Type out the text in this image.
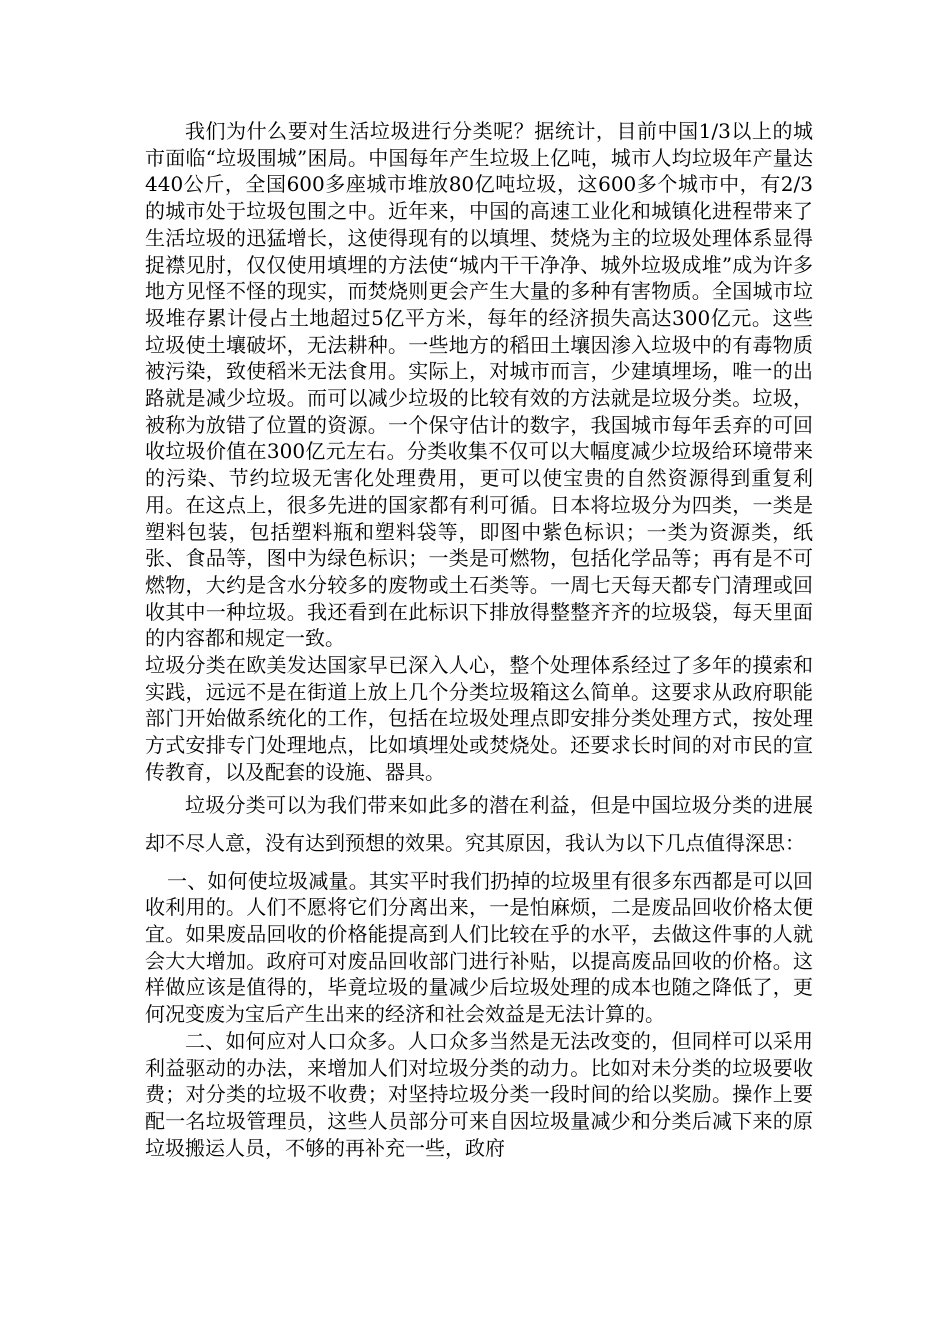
我们为什么要对生活垃圾进行分类呢？据统计，目前中国1/3以上的城市面临“垃圾围城”困局。中国每年产生垃圾上亿吨，城市人均垃圾年产量达440公斤，全国600多座城市堆放80亿吨垃圾，这600多个城市中，有2/3的城市处于垃圾包围之中。近年来，中国的高速工业化和城镇化进程带来了生活垃圾的迅猛增长，这使得现有的以填埋、焚烧为主的垃圾处理体系显得捉襟见肘，仅仅使用填埋的方法使“城内干干净净、城外垃圾成堆”成为许多地方见怪不怪的现实，而焚烧则更会产生大量的多种有害物质。全国城市垃圾堆存累计侵占土地超过5亿平方米，每年的经济损失高达300亿元。这些垃圾使土壤破坏，无法耕种。一些地方的稻田土壤因渗入垃圾中的有毒物质被污染，致使稻米无法食用。实际上，对城市而言，少建填埋场，唯一的出路就是减少垃圾。而可以减少垃圾的比较有效的方法就是垃圾分类。垃圾，被称为放错了位置的资源。一个保守估计的数字，我国城市每年丢弃的可回收垃圾价值在300亿元左右。分类收集不仅可以大幅度减少垃圾给环境带来的污染、节约垃圾无害化处理费用，更可以使宝贵的自然资源得到重复利用。在这点上，很多先进的国家都有利可循。日本将垃圾分为四类，一类是塑料包装，包括塑料瓶和塑料袋等，即图中紫色标识；一类为资源类，纸张、食品等，图中为绿色标识；一类是可燃物，包括化学品等；再有是不可燃物，大约是含水分较多的废物或土石类等。一周七天每天都专门清理或回收其中一种垃圾。我还看到在此标识下排放得整整齐齐的垃圾袋，每天里面的内容都和规定一致。

垃圾分类在欧美发达国家早已深入人心，整个处理体系经过了多年的摸索和实践，远远不是在街道上放上几个分类垃圾箱这么简单。这要求从政府职能部门开始做系统化的工作，包括在垃圾处理点即安排分类处理方式，按处理方式安排专门处理地点，比如填埋处或焚烧处。还要求长时间的对市民的宣传教育，以及配套的设施、器具。

垃圾分类可以为我们带来如此多的潜在利益，但是中国垃圾分类的进展却不尽人意，没有达到预想的效果。究其原因，我认为以下几点值得深思：

一、如何使垃圾减量。其实平时我们扔掉的垃圾里有很多东西都是可以回收利用的。人们不愿将它们分离出来，一是怕麻烦，二是废品回收价格太便宜。如果废品回收的价格能提高到人们比较在乎的水平，去做这件事的人就会大大增加。政府可对废品回收部门进行补贴，以提高废品回收的价格。这样做应该是值得的，毕竟垃圾的量减少后垃圾处理的成本也随之降低了，更何况变废为宝后产生出来的经济和社会效益是无法计算的。

二、如何应对人口众多。人口众多当然是无法改变的，但同样可以采用利益驱动的办法，来增加人们对垃圾分类的动力。比如对未分类的垃圾要收费；对分类的垃圾不收费；对坚持垃圾分类一段时间的给以奖励。操作上要配一名垃圾管理员，这些人员部分可来自因垃圾量减少和分类后减下来的原垃圾搬运人员，不够的再补充一些，政府
